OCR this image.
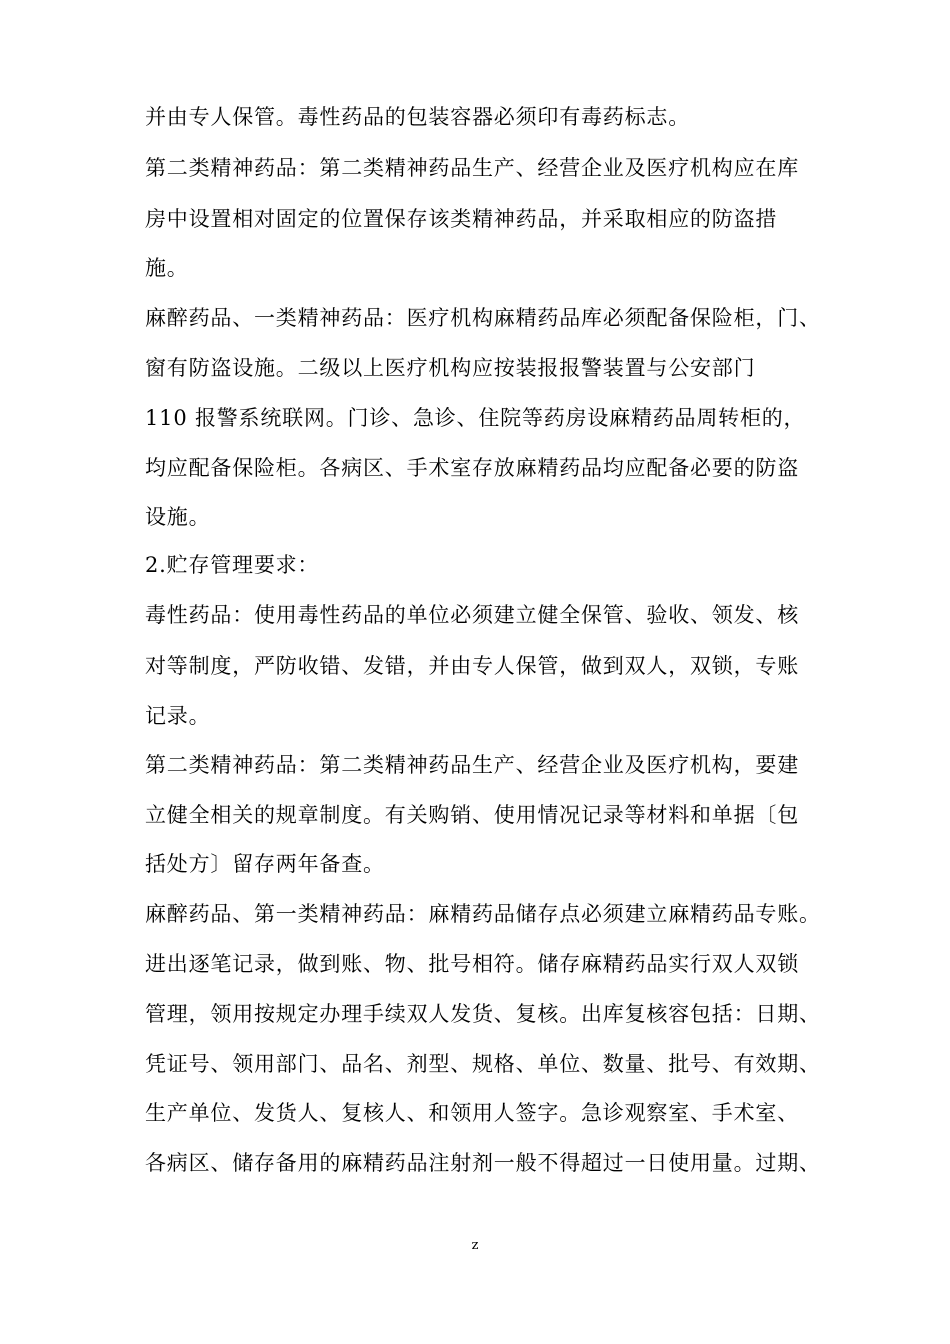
并由专人保管。毒性药品的包装容器必须印有毒药标志。
第二类精神药品：第二类精神药品生产、经营企业及医疗机构应在库
房中设置相对固定的位置保存该类精神药品，并采取相应的防盗措
施。
麻醉药品、一类精神药品：医疗机构麻精药品库必须配备保险柜，门、
窗有防盗设施。二级以上医疗机构应按装报报警装置与公安部门
110 报警系统联网。门诊、急诊、住院等药房设麻精药品周转柜的，
均应配备保险柜。各病区、手术室存放麻精药品均应配备必要的防盗
设施。
2.贮存管理要求：
毒性药品：使用毒性药品的单位必须建立健全保管、验收、领发、核
对等制度，严防收错、发错，并由专人保管，做到双人，双锁，专账
记录。
第二类精神药品：第二类精神药品生产、经营企业及医疗机构，要建
立健全相关的规章制度。有关购销、使用情况记录等材料和单据〔包
括处方〕留存两年备查。
麻醉药品、第一类精神药品：麻精药品储存点必须建立麻精药品专账。
进出逐笔记录，做到账、物、批号相符。储存麻精药品实行双人双锁
管理，领用按规定办理手续双人发货、复核。出库复核容包括：日期、
凭证号、领用部门、品名、剂型、规格、单位、数量、批号、有效期、
生产单位、发货人、复核人、和领用人签字。急诊观察室、手术室、
各病区、储存备用的麻精药品注射剂一般不得超过一日使用量。过期、
z
